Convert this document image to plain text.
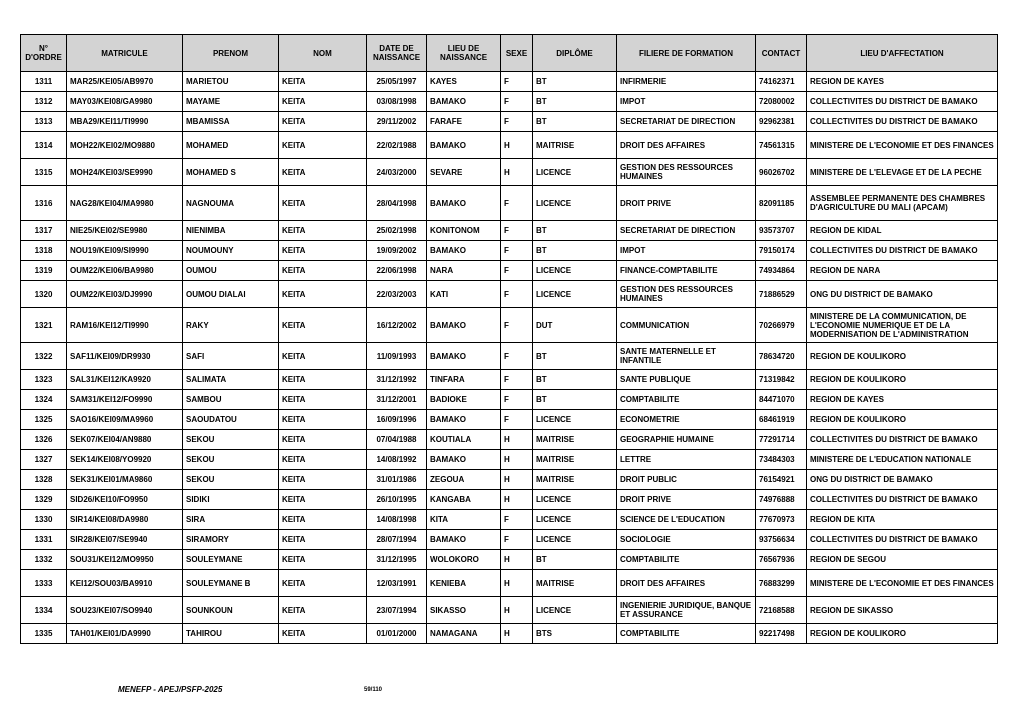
N° D'ORDRE	MATRICULE	PRENOM	NOM	DATE DE NAISSANCE	LIEU DE NAISSANCE	SEXE	DIPLÔME	FILIERE DE FORMATION	CONTACT	LIEU D'AFFECTATION
1311	MAR25/KEI05/AB9970	MARIETOU	KEITA	25/05/1997	KAYES	F	BT	INFIRMERIE	74162371	REGION DE KAYES
1312	MAY03/KEI08/GA9980	MAYAME	KEITA	03/08/1998	BAMAKO	F	BT	IMPOT	72080002	COLLECTIVITES DU DISTRICT DE BAMAKO
1313	MBA29/KEI11/TI9990	MBAMISSA	KEITA	29/11/2002	FARAFE	F	BT	SECRETARIAT DE DIRECTION	92962381	COLLECTIVITES DU DISTRICT DE BAMAKO
1314	MOH22/KEI02/MO9880	MOHAMED	KEITA	22/02/1988	BAMAKO	H	MAITRISE	DROIT DES AFFAIRES	74561315	MINISTERE DE L'ECONOMIE ET DES FINANCES
1315	MOH24/KEI03/SE9990	MOHAMED S	KEITA	24/03/2000	SEVARE	H	LICENCE	GESTION DES RESSOURCES HUMAINES	96026702	MINISTERE DE L'ELEVAGE ET DE LA PECHE
1316	NAG28/KEI04/MA9980	NAGNOUMA	KEITA	28/04/1998	BAMAKO	F	LICENCE	DROIT PRIVE	82091185	ASSEMBLEE PERMANENTE DES CHAMBRES D'AGRICULTURE DU MALI (APCAM)
1317	NIE25/KEI02/SE9980	NIENIMBA	KEITA	25/02/1998	KONITONOM	F	BT	SECRETARIAT DE DIRECTION	93573707	REGION DE KIDAL
1318	NOU19/KEI09/SI9990	NOUMOUNY	KEITA	19/09/2002	BAMAKO	F	BT	IMPOT	79150174	COLLECTIVITES DU DISTRICT DE BAMAKO
1319	OUM22/KEI06/BA9980	OUMOU	KEITA	22/06/1998	NARA	F	LICENCE	FINANCE-COMPTABILITE	74934864	REGION DE NARA
1320	OUM22/KEI03/DJ9990	OUMOU DIALAI	KEITA	22/03/2003	KATI	F	LICENCE	GESTION DES RESSOURCES HUMAINES	71886529	ONG DU DISTRICT DE BAMAKO
1321	RAM16/KEI12/TI9990	RAKY	KEITA	16/12/2002	BAMAKO	F	DUT	COMMUNICATION	70266979	MINISTERE DE LA COMMUNICATION, DE L'ECONOMIE NUMERIQUE ET DE LA MODERNISATION DE L'ADMINISTRATION
1322	SAF11/KEI09/DR9930	SAFI	KEITA	11/09/1993	BAMAKO	F	BT	SANTE MATERNELLE ET INFANTILE	78634720	REGION DE KOULIKORO
1323	SAL31/KEI12/KA9920	SALIMATA	KEITA	31/12/1992	TINFARA	F	BT	SANTE PUBLIQUE	71319842	REGION DE KOULIKORO
1324	SAM31/KEI12/FO9990	SAMBOU	KEITA	31/12/2001	BADIOKE	F	BT	COMPTABILITE	84471070	REGION DE KAYES
1325	SAO16/KEI09/MA9960	SAOUDATOU	KEITA	16/09/1996	BAMAKO	F	LICENCE	ECONOMETRIE	68461919	REGION DE KOULIKORO
1326	SEK07/KEI04/AN9880	SEKOU	KEITA	07/04/1988	KOUTIALA	H	MAITRISE	GEOGRAPHIE HUMAINE	77291714	COLLECTIVITES DU DISTRICT DE BAMAKO
1327	SEK14/KEI08/YO9920	SEKOU	KEITA	14/08/1992	BAMAKO	H	MAITRISE	LETTRE	73484303	MINISTERE DE L'EDUCATION NATIONALE
1328	SEK31/KEI01/MA9860	SEKOU	KEITA	31/01/1986	ZEGOUA	H	MAITRISE	DROIT PUBLIC	76154921	ONG DU DISTRICT DE BAMAKO
1329	SID26/KEI10/FO9950	SIDIKI	KEITA	26/10/1995	KANGABA	H	LICENCE	DROIT PRIVE	74976888	COLLECTIVITES DU DISTRICT DE BAMAKO
1330	SIR14/KEI08/DA9980	SIRA	KEITA	14/08/1998	KITA	F	LICENCE	SCIENCE DE L'EDUCATION	77670973	REGION DE KITA
1331	SIR28/KEI07/SE9940	SIRAMORY	KEITA	28/07/1994	BAMAKO	F	LICENCE	SOCIOLOGIE	93756634	COLLECTIVITES DU DISTRICT DE BAMAKO
1332	SOU31/KEI12/MO9950	SOULEYMANE	KEITA	31/12/1995	WOLOKORO	H	BT	COMPTABILITE	76567936	REGION DE SEGOU
1333	KEI12/SOU03/BA9910	SOULEYMANE B	KEITA	12/03/1991	KENIEBA	H	MAITRISE	DROIT DES AFFAIRES	76883299	MINISTERE DE L'ECONOMIE ET DES FINANCES
1334	SOU23/KEI07/SO9940	SOUNKOUN	KEITA	23/07/1994	SIKASSO	H	LICENCE	INGENIERIE JURIDIQUE, BANQUE ET ASSURANCE	72168588	REGION DE SIKASSO
1335	TAH01/KEI01/DA9990	TAHIROU	KEITA	01/01/2000	NAMAGANA	H	BTS	COMPTABILITE	92217498	REGION DE KOULIKORO
MENEFP - APEJ/PSFP-2025	59/110
